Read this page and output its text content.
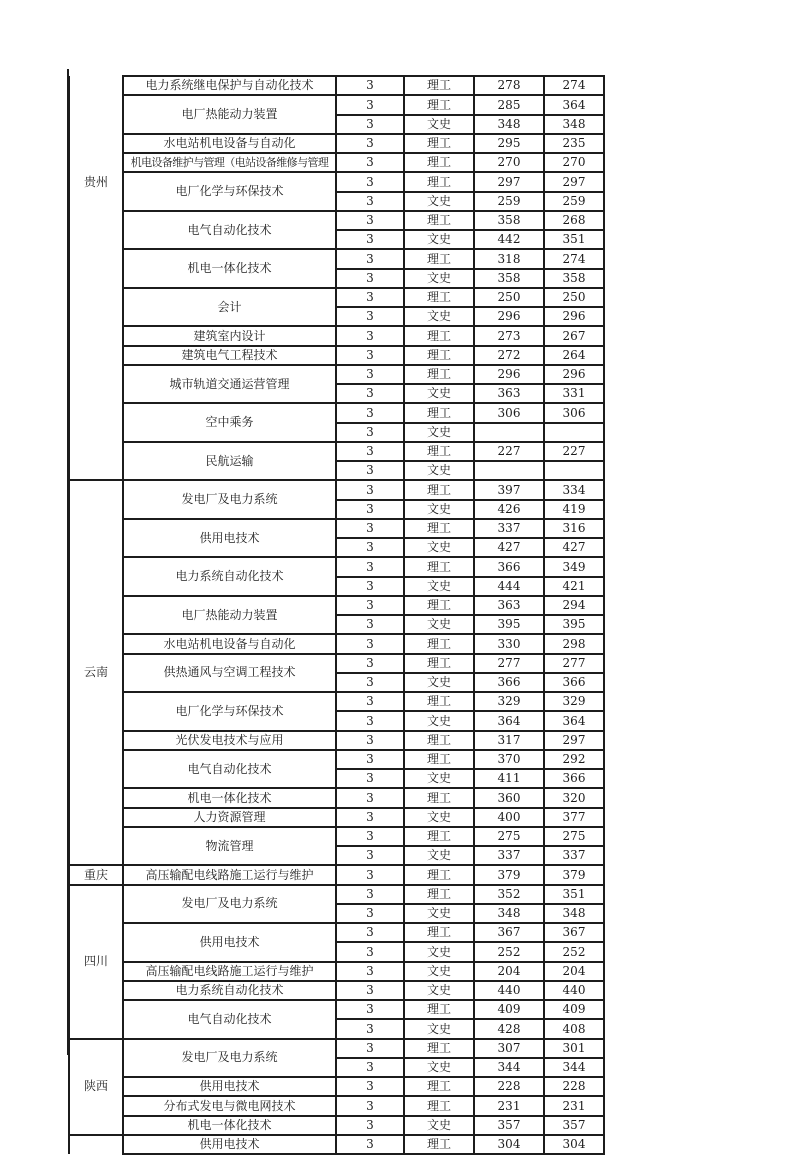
贵州	电力系统继电保护与自动化技术	3	理工	278	274
	电厂热能动力装置	3	理工	285	364
		3	文史	348	348
	水电站机电设备与自动化	3	理工	295	235
	机电设备维护与管理（电站设备维修与管理	3	理工	270	270
	电厂化学与环保技术	3	理工	297	297
		3	文史	259	259
	电气自动化技术	3	理工	358	268
		3	文史	442	351
	机电一体化技术	3	理工	318	274
		3	文史	358	358
	会计	3	理工	250	250
		3	文史	296	296
	建筑室内设计	3	理工	273	267
	建筑电气工程技术	3	理工	272	264
	城市轨道交通运营管理	3	理工	296	296
		3	文史	363	331
	空中乘务	3	理工	306	306
		3	文史		
	民航运输	3	理工	227	227
		3	文史		
云南	发电厂及电力系统	3	理工	397	334
		3	文史	426	419
	供用电技术	3	理工	337	316
		3	文史	427	427
	电力系统自动化技术	3	理工	366	349
		3	文史	444	421
	电厂热能动力装置	3	理工	363	294
		3	文史	395	395
	水电站机电设备与自动化	3	理工	330	298
	供热通风与空调工程技术	3	理工	277	277
		3	文史	366	366
	电厂化学与环保技术	3	理工	329	329
		3	文史	364	364
	光伏发电技术与应用	3	理工	317	297
	电气自动化技术	3	理工	370	292
		3	文史	411	366
	机电一体化技术	3	理工	360	320
	人力资源管理	3	文史	400	377
	物流管理	3	理工	275	275
		3	文史	337	337
重庆	高压输配电线路施工运行与维护	3	理工	379	379
四川	发电厂及电力系统	3	理工	352	351
		3	文史	348	348
	供用电技术	3	理工	367	367
		3	文史	252	252
	高压输配电线路施工运行与维护	3	文史	204	204
	电力系统自动化技术	3	文史	440	440
	电气自动化技术	3	理工	409	409
		3	文史	428	408
陕西	发电厂及电力系统	3	理工	307	301
		3	文史	344	344
	供用电技术	3	理工	228	228
	分布式发电与微电网技术	3	理工	231	231
	机电一体化技术	3	文史	357	357
	供用电技术	3	理工	304	304
